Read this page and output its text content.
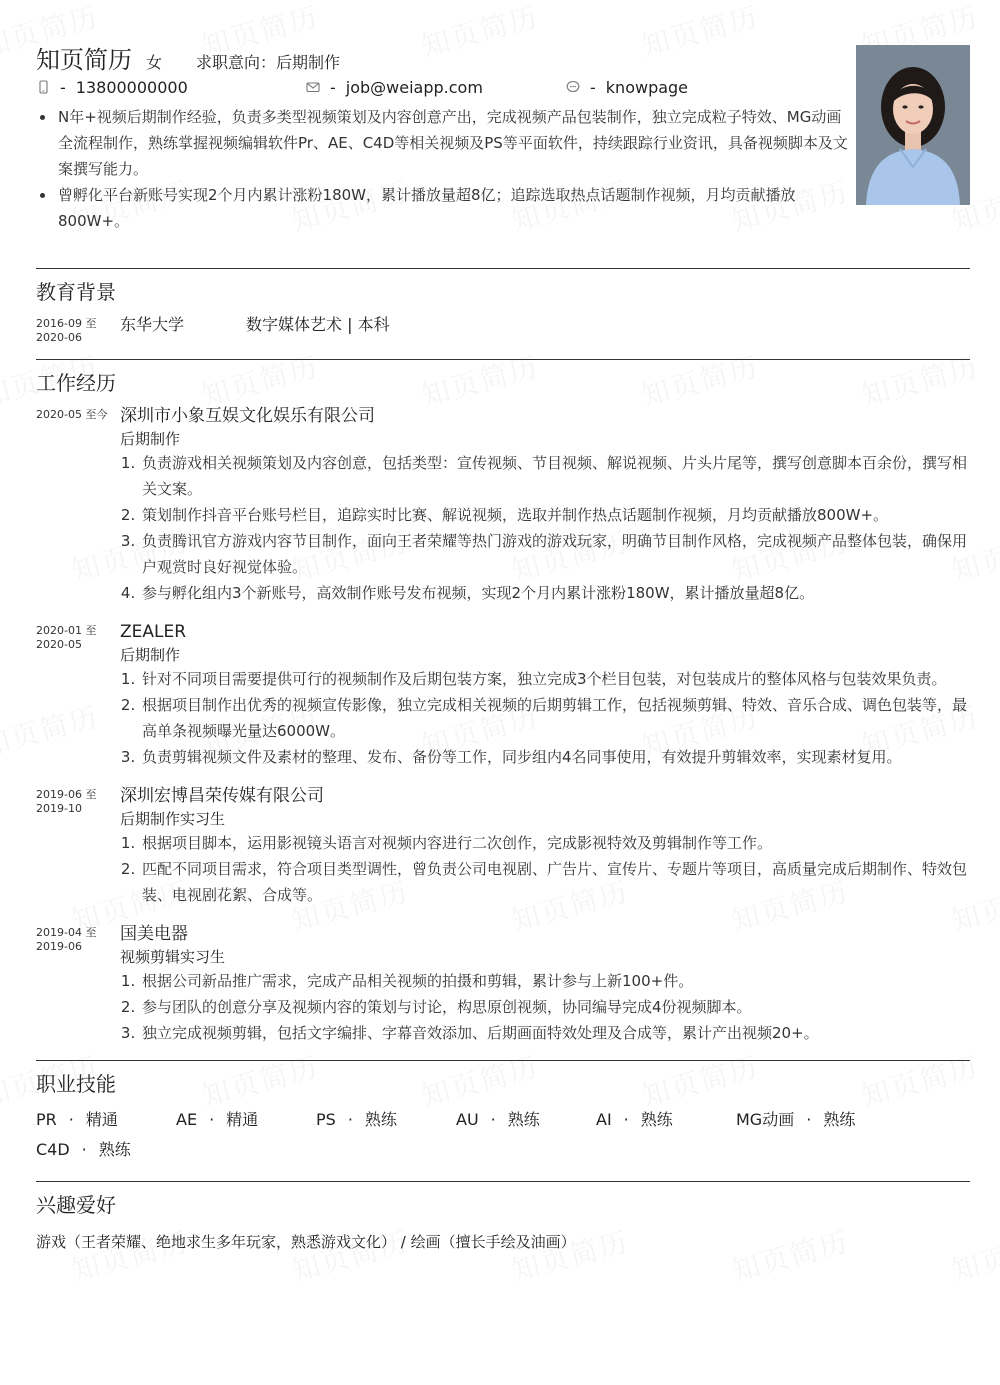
知页简历 女 求职意向：后期制作
- 13800000000	- job@weiapp.com	- knowpage
N年+视频后期制作经验，负责多类型视频策划及内容创意产出，完成视频产品包装制作，独立完成粒子特效、MG动画全流程制作，熟练掌握视频编辑软件Pr、AE、C4D等相关视频及PS等平面软件，持续跟踪行业资讯，具备视频脚本及文案撰写能力。
曾孵化平台新账号实现2个月内累计涨粉180W，累计播放量超8亿；追踪选取热点话题制作视频，月均贡献播放800W+。
教育背景
2016-09 至
2020-06
东华大学	数字媒体艺术 | 本科
工作经历
2020-05 至今 深圳市小象互娱文化娱乐有限公司
后期制作
1. 负责游戏相关视频策划及内容创意，包括类型：宣传视频、节目视频、解说视频、片头片尾等，撰写创意脚本百余份，撰写相关文案。
2. 策划制作抖音平台账号栏目，追踪实时比赛、解说视频，选取并制作热点话题制作视频，月均贡献播放800W+。
3. 负责腾讯官方游戏内容节目制作，面向王者荣耀等热门游戏的游戏玩家，明确节目制作风格，完成视频产品整体包装，确保用户观赏时良好视觉体验。
4. 参与孵化组内3个新账号，高效制作账号发布视频，实现2个月内累计涨粉180W，累计播放量超8亿。
2020-01 至
2020-05
ZEALER
后期制作
1. 针对不同项目需要提供可行的视频制作及后期包装方案，独立完成3个栏目包装，对包装成片的整体风格与包装效果负责。
2. 根据项目制作出优秀的视频宣传影像，独立完成相关视频的后期剪辑工作，包括视频剪辑、特效、音乐合成、调色包装等，最高单条视频曝光量达6000W。
3. 负责剪辑视频文件及素材的整理、发布、备份等工作，同步组内4名同事使用，有效提升剪辑效率，实现素材复用。
2019-06 至
2019-10
深圳宏博昌荣传媒有限公司
后期制作实习生
1. 根据项目脚本，运用影视镜头语言对视频内容进行二次创作，完成影视特效及剪辑制作等工作。
2. 匹配不同项目需求，符合项目类型调性，曾负责公司电视剧、广告片、宣传片、专题片等项目，高质量完成后期制作、特效包装、电视剧花絮、合成等。
2019-04 至
2019-06
国美电器
视频剪辑实习生
1. 根据公司新品推广需求，完成产品相关视频的拍摄和剪辑，累计参与上新100+件。
2. 参与团队的创意分享及视频内容的策划与讨论，构思原创视频，协同编导完成4份视频脚本。
3. 独立完成视频剪辑，包括文字编排、字幕音效添加、后期画面特效处理及合成等，累计产出视频20+。
职业技能
PR · 精通	AE · 精通	PS · 熟练	AU · 熟练	AI · 熟练	MG动画 · 熟练
C4D · 熟练
兴趣爱好
游戏（王者荣耀、绝地求生多年玩家，熟悉游戏文化） / 绘画（擅长手绘及油画）
